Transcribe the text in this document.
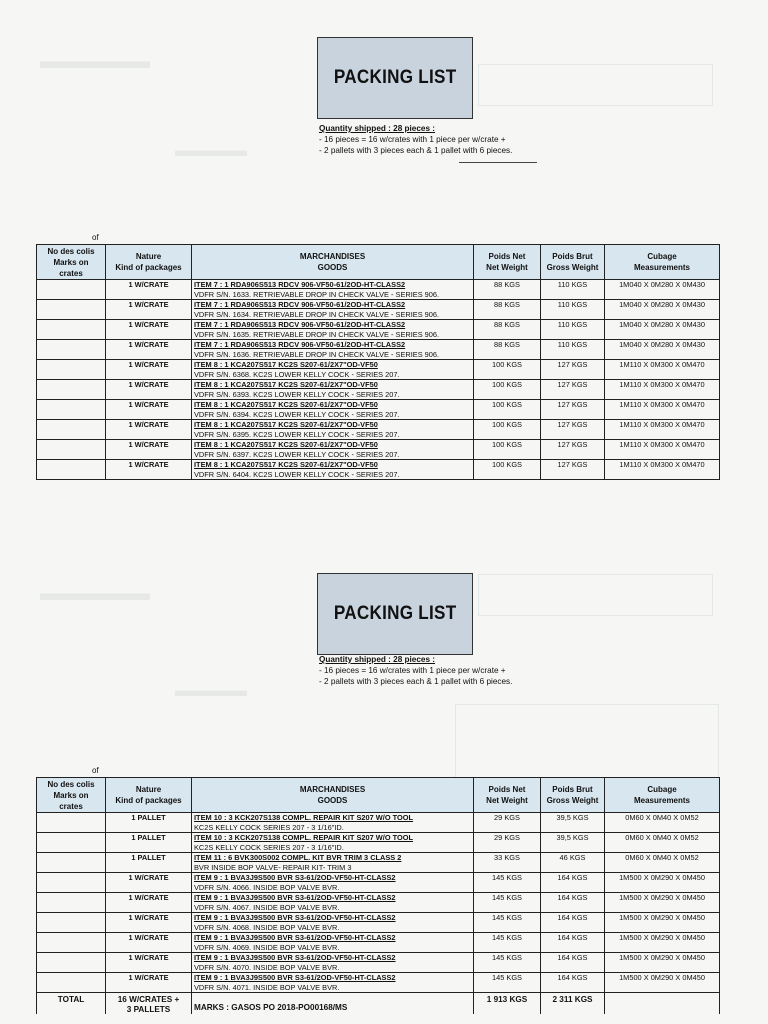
▬▬▬▬▬
▬▬▬▬
PACKING LIST
Quantity shipped : 28 pieces :
- 16 pieces = 16 w/crates with 1 piece per w/crate +
- 2 pallets with 3 pieces each & 1 pallet with 6 pieces.
of
No des colis
Marks on
crates	Nature
Kind of packages	MARCHANDISES
GOODS	Poids Net
Net Weight	Poids Brut
Gross Weight	Cubage
Measurements
	1 W/CRATE	ITEM 7 : 1 RDA906S513 RDCV 906-VF50-61/2OD-HT-CLASS2
VDFR S/N. 1633. RETRIEVABLE DROP IN CHECK VALVE - SERIES 906.	88 KGS	110 KGS	1M040 X 0M280 X 0M430
	1 W/CRATE	ITEM 7 : 1 RDA906S513 RDCV 906-VF50-61/2OD-HT-CLASS2
VDFR S/N. 1634. RETRIEVABLE DROP IN CHECK VALVE - SERIES 906.	88 KGS	110 KGS	1M040 X 0M280 X 0M430
	1 W/CRATE	ITEM 7 : 1 RDA906S513 RDCV 906-VF50-61/2OD-HT-CLASS2
VDFR S/N. 1635. RETRIEVABLE DROP IN CHECK VALVE - SERIES 906.	88 KGS	110 KGS	1M040 X 0M280 X 0M430
	1 W/CRATE	ITEM 7 : 1 RDA906S513 RDCV 906-VF50-61/2OD-HT-CLASS2
VDFR S/N. 1636. RETRIEVABLE DROP IN CHECK VALVE - SERIES 906.	88 KGS	110 KGS	1M040 X 0M280 X 0M430
	1 W/CRATE	ITEM 8 : 1 KCA207S517 KC2S S207-61/2X7"OD-VF50
VDFR S/N. 6368. KC2S LOWER KELLY COCK - SERIES 207.	100 KGS	127 KGS	1M110 X 0M300 X 0M470
	1 W/CRATE	ITEM 8 : 1 KCA207S517 KC2S S207-61/2X7"OD-VF50
VDFR S/N. 6393. KC2S LOWER KELLY COCK - SERIES 207.	100 KGS	127 KGS	1M110 X 0M300 X 0M470
	1 W/CRATE	ITEM 8 : 1 KCA207S517 KC2S S207-61/2X7"OD-VF50
VDFR S/N. 6394. KC2S LOWER KELLY COCK - SERIES 207.	100 KGS	127 KGS	1M110 X 0M300 X 0M470
	1 W/CRATE	ITEM 8 : 1 KCA207S517 KC2S S207-61/2X7"OD-VF50
VDFR S/N. 6395. KC2S LOWER KELLY COCK - SERIES 207.	100 KGS	127 KGS	1M110 X 0M300 X 0M470
	1 W/CRATE	ITEM 8 : 1 KCA207S517 KC2S S207-61/2X7"OD-VF50
VDFR S/N. 6397. KC2S LOWER KELLY COCK - SERIES 207.	100 KGS	127 KGS	1M110 X 0M300 X 0M470
	1 W/CRATE	ITEM 8 : 1 KCA207S517 KC2S S207-61/2X7"OD-VF50
VDFR S/N. 6404. KC2S LOWER KELLY COCK - SERIES 207.	100 KGS	127 KGS	1M110 X 0M300 X 0M470
▬▬▬▬▬
▬▬▬▬
PACKING LIST
Quantity shipped : 28 pieces :
- 16 pieces = 16 w/crates with 1 piece per w/crate +
- 2 pallets with 3 pieces each & 1 pallet with 6 pieces.
of
No des colis
Marks on
crates	Nature
Kind of packages	MARCHANDISES
GOODS	Poids Net
Net Weight	Poids Brut
Gross Weight	Cubage
Measurements
	1 PALLET	ITEM 10 : 3 KCK207S138 COMPL. REPAIR KIT S207 W/O TOOL
KC2S KELLY COCK SERIES 207 - 3 1/16"ID.	29 KGS	39,5 KGS	0M60 X 0M40 X 0M52
	1 PALLET	ITEM 10 : 3 KCK207S138 COMPL. REPAIR KIT S207 W/O TOOL
KC2S KELLY COCK SERIES 207 - 3 1/16"ID.	29 KGS	39,5 KGS	0M60 X 0M40 X 0M52
	1 PALLET	ITEM 11 : 6 BVK300S002 COMPL. KIT BVR TRIM 3 CLASS 2
BVR INSIDE BOP VALVE- REPAIR KIT- TRIM 3	33 KGS	46 KGS	0M60 X 0M40 X 0M52
	1 W/CRATE	ITEM 9 : 1 BVA3J9S500 BVR S3-61/2OD-VF50-HT-CLASS2
VDFR S/N. 4066. INSIDE BOP VALVE BVR.	145 KGS	164 KGS	1M500 X 0M290 X 0M450
	1 W/CRATE	ITEM 9 : 1 BVA3J9S500 BVR S3-61/2OD-VF50-HT-CLASS2
VDFR S/N. 4067. INSIDE BOP VALVE BVR.	145 KGS	164 KGS	1M500 X 0M290 X 0M450
	1 W/CRATE	ITEM 9 : 1 BVA3J9S500 BVR S3-61/2OD-VF50-HT-CLASS2
VDFR S/N. 4068. INSIDE BOP VALVE BVR.	145 KGS	164 KGS	1M500 X 0M290 X 0M450
	1 W/CRATE	ITEM 9 : 1 BVA3J9S500 BVR S3-61/2OD-VF50-HT-CLASS2
VDFR S/N. 4069. INSIDE BOP VALVE BVR.	145 KGS	164 KGS	1M500 X 0M290 X 0M450
	1 W/CRATE	ITEM 9 : 1 BVA3J9S500 BVR S3-61/2OD-VF50-HT-CLASS2
VDFR S/N. 4070. INSIDE BOP VALVE BVR.	145 KGS	164 KGS	1M500 X 0M290 X 0M450
	1 W/CRATE	ITEM 9 : 1 BVA3J9S500 BVR S3-61/2OD-VF50-HT-CLASS2
VDFR S/N. 4071. INSIDE BOP VALVE BVR.	145 KGS	164 KGS	1M500 X 0M290 X 0M450
TOTAL	16 W/CRATES +
3 PALLETS	MARKS : GASOS PO 2018-PO00168/MS	1 913 KGS	2 311 KGS	
